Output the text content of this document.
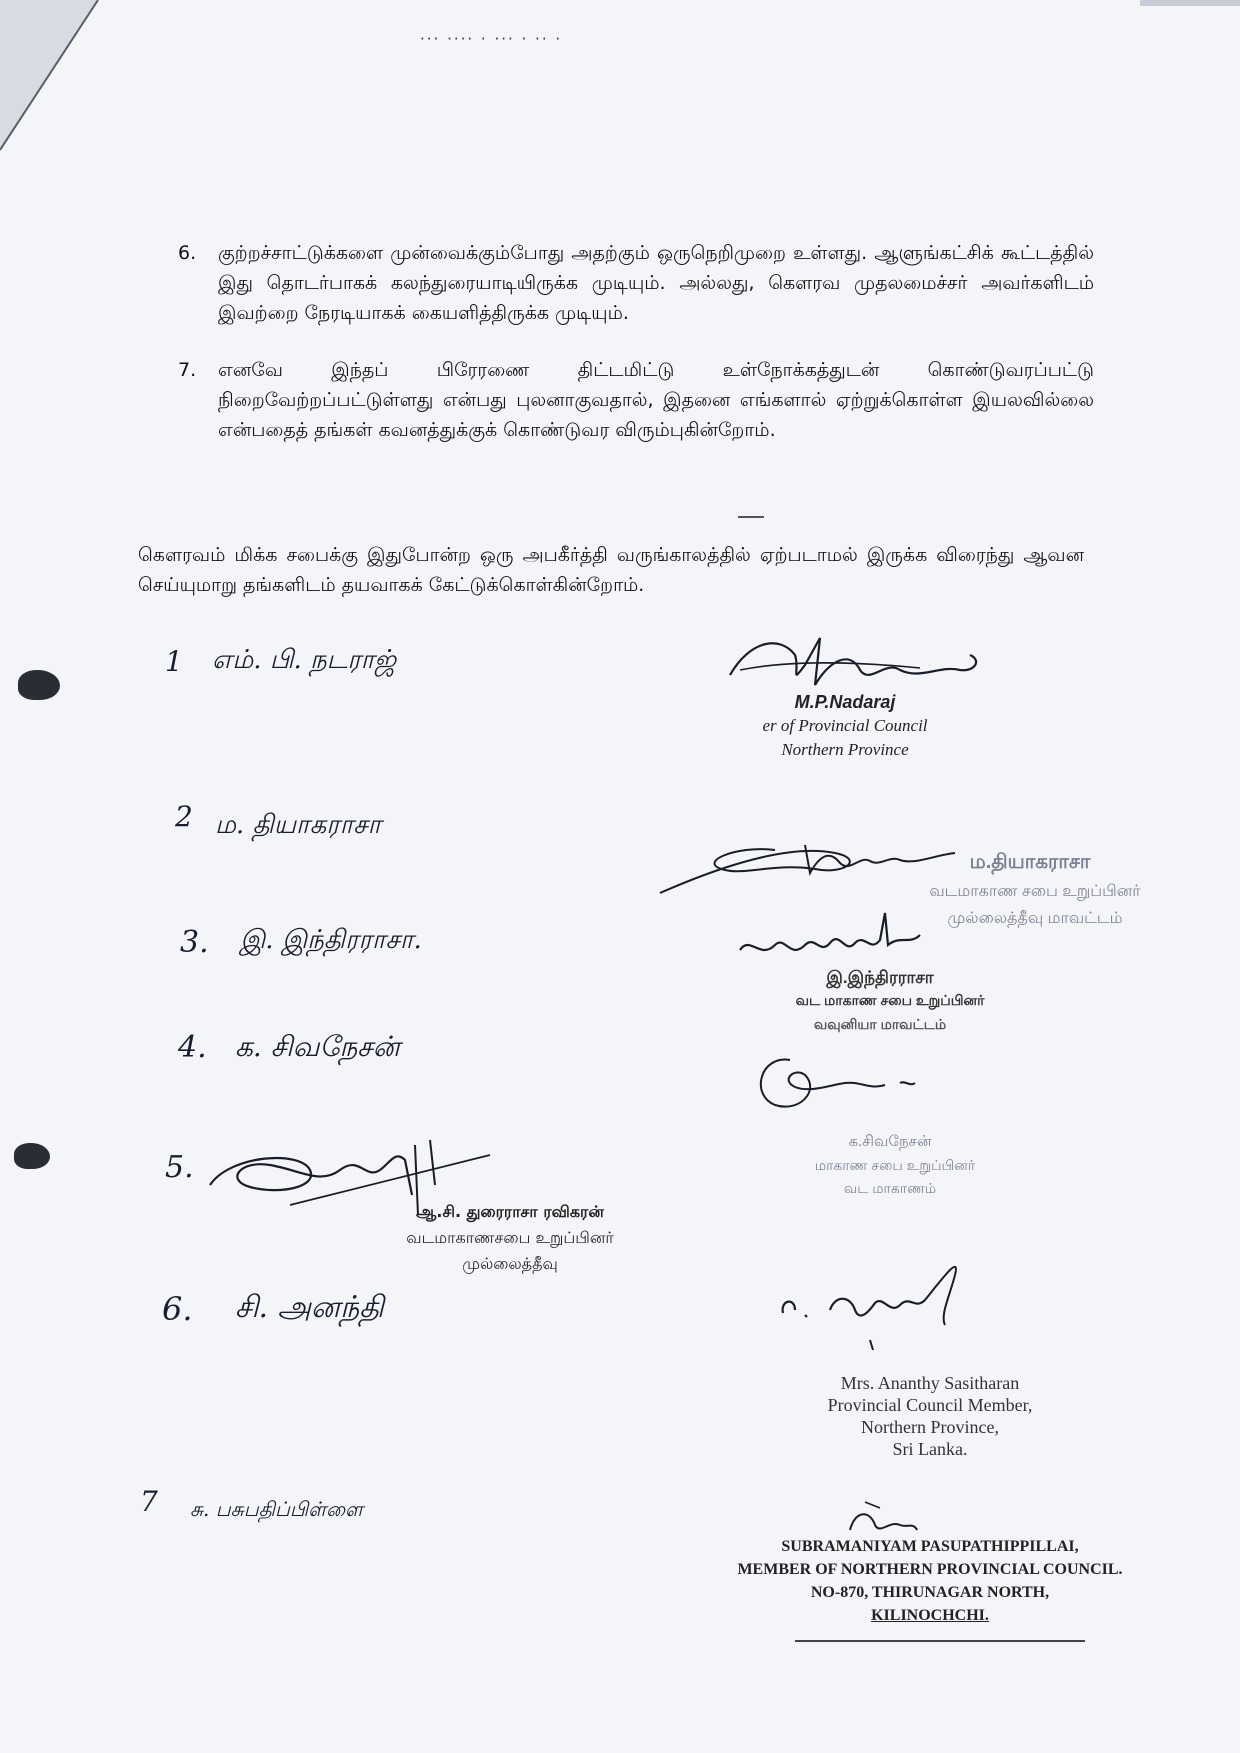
··· ···· · ··· · ·· ·
6. குற்றச்சாட்டுக்களை முன்வைக்கும்போது அதற்கும் ஒருநெறிமுறை உள்ளது. ஆளுங்கட்சிக் கூட்டத்தில் இது தொடர்பாகக் கலந்துரையாடியிருக்க முடியும். அல்லது, கௌரவ முதலமைச்சர் அவர்களிடம் இவற்றை நேரடியாகக் கையளித்திருக்க முடியும்.
7. எனவே இந்தப் பிரேரணை திட்டமிட்டு உள்நோக்கத்துடன் கொண்டுவரப்பட்டு நிறைவேற்றப்பட்டுள்ளது என்பது புலனாகுவதால், இதனை எங்களால் ஏற்றுக்கொள்ள இயலவில்லை என்பதைத் தங்கள் கவனத்துக்குக் கொண்டுவர விரும்புகின்றோம்.
கௌரவம் மிக்க சபைக்கு இதுபோன்ற ஒரு அபகீர்த்தி வருங்காலத்தில் ஏற்படாமல் இருக்க விரைந்து ஆவன செய்யுமாறு தங்களிடம் தயவாகக் கேட்டுக்கொள்கின்றோம்.
1 எம். பி. நடராஜ்
2 ம. தியாகராசா
3. இ. இந்திரராசா.
4. க. சிவநேசன்
5.
6. சி. அனந்தி
7 சு. பசுபதிப்பிள்ளை
M.P.Nadaraj
er of Provincial Council
Northern Province
ம.தியாகராசா
வடமாகாண சபை உறுப்பினர்
முல்லைத்தீவு மாவட்டம்
இ.இந்திரராசா
வட மாகாண சபை உறுப்பினர்
வவுனியா மாவட்டம்
க.சிவநேசன்
மாகாண சபை உறுப்பினர்
வட மாகாணம்
ஆ.சி. துரைராசா ரவிகரன்
வடமாகாணசபை உறுப்பினர்
முல்லைத்தீவு
Mrs. Ananthy Sasitharan
Provincial Council Member,
Northern Province,
Sri Lanka.
SUBRAMANIYAM PASUPATHIPPILLAI,
MEMBER OF NORTHERN PROVINCIAL COUNCIL.
NO-870, THIRUNAGAR NORTH,
KILINOCHCHI.
